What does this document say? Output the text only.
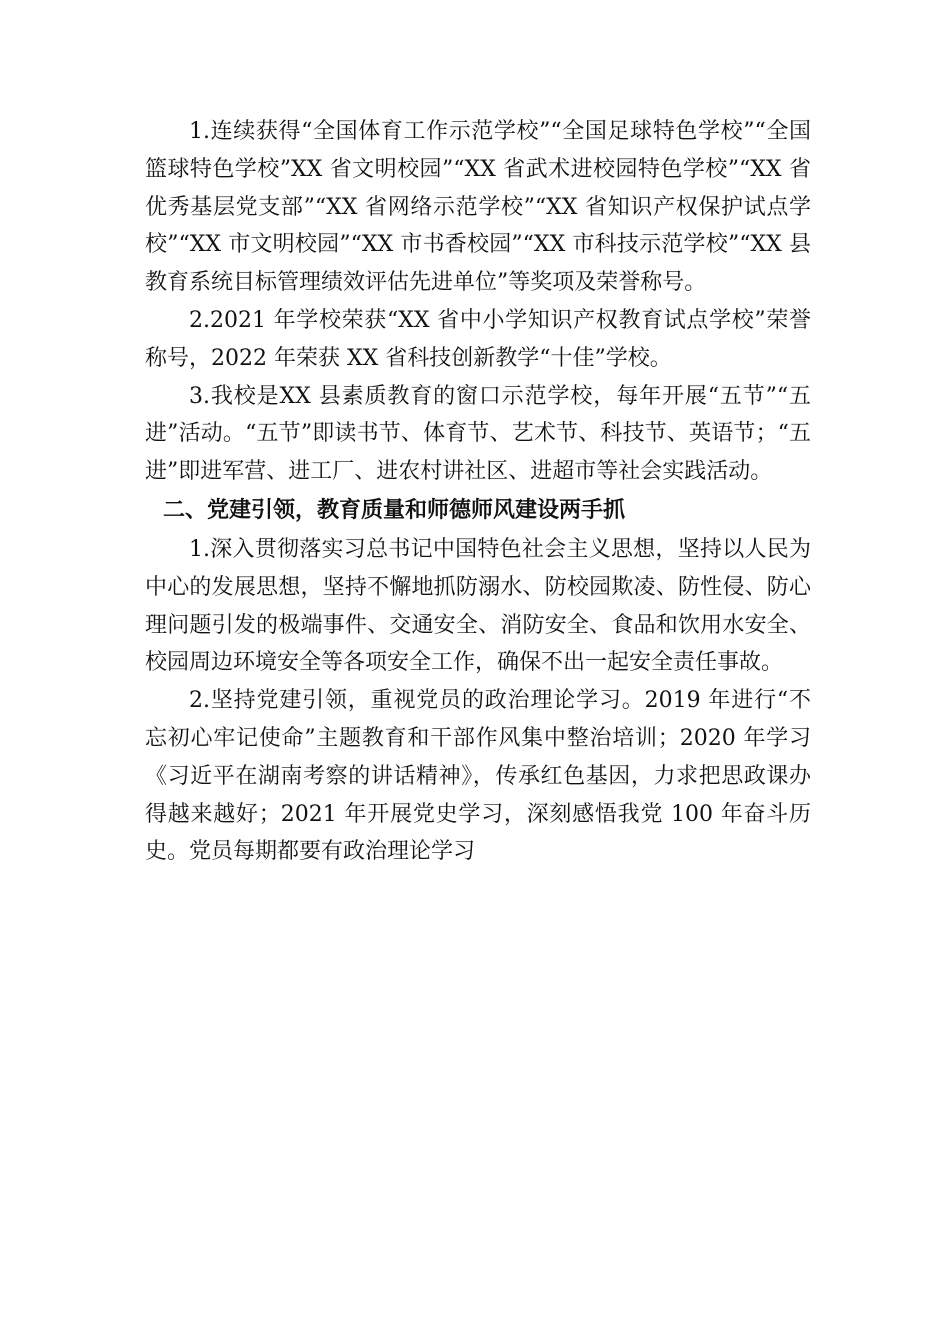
1.连续获得“全国体育工作示范学校”“全国足球特色学校”“全国篮球特色学校”XX 省文明校园”“XX 省武术进校园特色学校”“XX 省优秀基层党支部”“XX 省网络示范学校”“XX 省知识产权保护试点学校”“XX 市文明校园”“XX 市书香校园”“XX 市科技示范学校”“XX 县教育系统目标管理绩效评估先进单位”等奖项及荣誉称号。

2.2021 年学校荣获“XX 省中小学知识产权教育试点学校”荣誉称号，2022 年荣获 XX 省科技创新教学“十佳”学校。

3.我校是XX 县素质教育的窗口示范学校，每年开展“五节”“五进”活动。“五节”即读书节、体育节、艺术节、科技节、英语节；“五进”即进军营、进工厂、进农村讲社区、进超市等社会实践活动。

二、党建引领，教育质量和师德师风建设两手抓

1.深入贯彻落实习总书记中国特色社会主义思想，坚持以人民为中心的发展思想，坚持不懈地抓防溺水、防校园欺凌、防性侵、防心理问题引发的极端事件、交通安全、消防安全、食品和饮用水安全、校园周边环境安全等各项安全工作，确保不出一起安全责任事故。

2.坚持党建引领，重视党员的政治理论学习。2019 年进行“不忘初心牢记使命”主题教育和干部作风集中整治培训；2020 年学习《习近平在湖南考察的讲话精神》，传承红色基因，力求把思政课办得越来越好；2021 年开展党史学习，深刻感悟我党 100 年奋斗历史。党员每期都要有政治理论学习
